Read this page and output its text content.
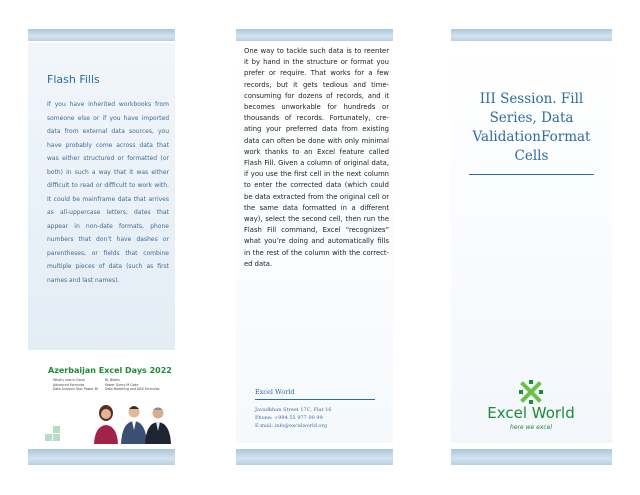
Flash Fills

If you have inherited workbooks from someone else or if you have imported data from external data sources, you have probably come across data that was either structured or formatted (or both) in such a way that it was either difficult to read or difficult to work with. It could be mainframe data that arrives as all-uppercase letters, dates that appear in non-date formats, phone numbers that don’t have dashes or parentheses, or fields that combine multiple pieces of data (such as first names and last names).

Azerbaijan Excel Days 2022
What's new in Excel
Advanced Formulas
Data Analysis Tool: Power BI
BI, Bibles
Power Query M Code
Data Modelling and DAX Formulas

One way to tackle such data is to reenter it by hand in the structure or format you prefer or require. That works for a few records, but it gets tedious and time-consuming for dozens of records, and it becomes unworkable for hundreds or thousands of records. Fortunately, cre-ating your preferred data from existing data can often be done with only minimal work thanks to an Excel feature called Flash Fill. Given a column of original data, if you use the first cell in the next column to enter the corrected data (which could be data extracted from the original cell or the same data formatted in a different way), select the second cell, then run the Flash Fill command, Excel “recognizes” what you’re doing and automatically fills in the rest of the column with the correct-ed data.

Excel World
Javadkhan Street 17C, Flat 16
Phone: +994 55 977 00 99
E-mail: info@excelworld.org
III Session. Fill
Series, Data
ValidationFormat
Cells
Excel World
here we excel
